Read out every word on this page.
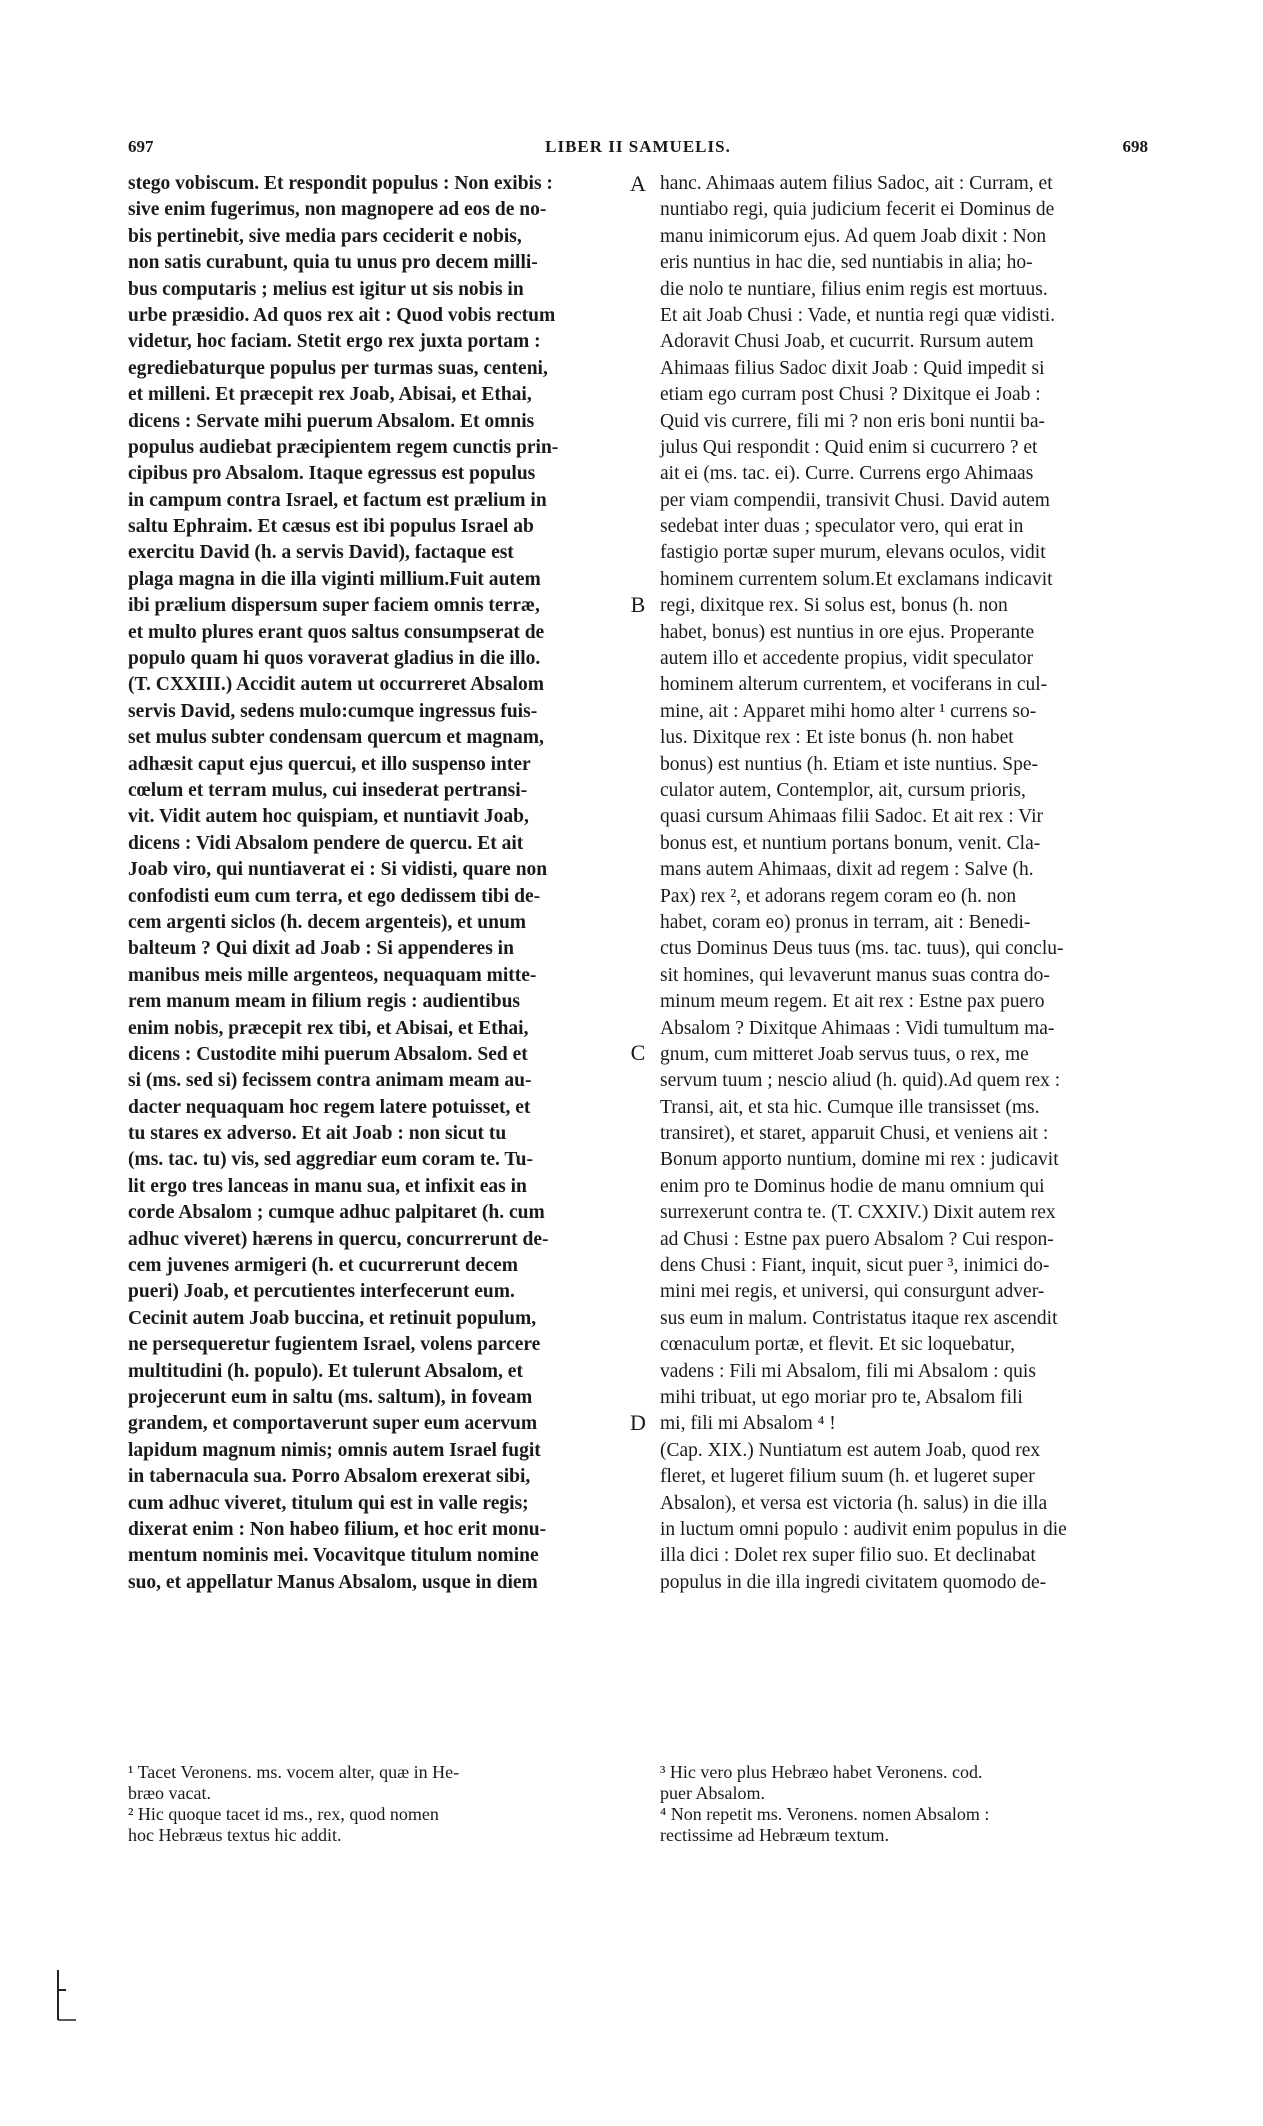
697	LIBER II SAMUELIS.	698
stego vobiscum. Et respondit populus : Non exibis :
sive enim fugerimus, non magnopere ad eos de no-
bis pertinebit, sive media pars ceciderit e nobis,
non satis curabunt, quia tu unus pro decem milli-
bus computaris ; melius est igitur ut sis nobis in
urbe præsidio. Ad quos rex ait : Quod vobis rectum
videtur, hoc faciam. Stetit ergo rex juxta portam :
egrediebaturque populus per turmas suas, centeni,
et milleni. Et præcepit rex Joab, Abisai, et Ethai,
dicens : Servate mihi puerum Absalom. Et omnis
populus audiebat præcipientem regem cunctis prin-
cipibus pro Absalom. Itaque egressus est populus
in campum contra Israel, et factum est prælium in
saltu Ephraim. Et cæsus est ibi populus Israel ab
exercitu David (h. a servis David), factaque est
plaga magna in die illa viginti millium.Fuit autem
ibi prælium dispersum super faciem omnis terræ,
et multo plures erant quos saltus consumpserat de
populo quam hi quos voraverat gladius in die illo.
(T. CXXIII.) Accidit autem ut occurreret Absalom
servis David, sedens mulo:cumque ingressus fuis-
set mulus subter condensam quercum et magnam,
adhæsit caput ejus quercui, et illo suspenso inter
cœlum et terram mulus, cui insederat pertransi-
vit. Vidit autem hoc quispiam, et nuntiavit Joab,
dicens : Vidi Absalom pendere de quercu. Et ait
Joab viro, qui nuntiaverat ei : Si vidisti, quare non
confodisti eum cum terra, et ego dedissem tibi de-
cem argenti siclos (h. decem argenteis), et unum
balteum ? Qui dixit ad Joab : Si appenderes in
manibus meis mille argenteos, nequaquam mitte-
rem manum meam in filium regis : audientibus
enim nobis, præcepit rex tibi, et Abisai, et Ethai,
dicens : Custodite mihi puerum Absalom. Sed et
si (ms. sed si) fecissem contra animam meam au-
dacter nequaquam hoc regem latere potuisset, et
tu stares ex adverso. Et ait Joab : non sicut tu
(ms. tac. tu) vis, sed aggrediar eum coram te. Tu-
lit ergo tres lanceas in manu sua, et infixit eas in
corde Absalom ; cumque adhuc palpitaret (h. cum
adhuc viveret) hærens in quercu, concurrerunt de-
cem juvenes armigeri (h. et cucurrerunt decem
pueri) Joab, et percutientes interfecerunt eum.
Cecinit autem Joab buccina, et retinuit populum,
ne persequeretur fugientem Israel, volens parcere
multitudini (h. populo). Et tulerunt Absalom, et
projecerunt eum in saltu (ms. saltum), in foveam
grandem, et comportaverunt super eum acervum
lapidum magnum nimis; omnis autem Israel fugit
in tabernacula sua. Porro Absalom erexerat sibi,
cum adhuc viveret, titulum qui est in valle regis;
dixerat enim : Non habeo filium, et hoc erit monu-
mentum nominis mei. Vocavitque titulum nomine
suo, et appellatur Manus Absalom, usque in diem
hanc. Ahimaas autem filius Sadoc, ait : Curram, et
nuntiabo regi, quia judicium fecerit ei Dominus de
manu inimicorum ejus. Ad quem Joab dixit : Non
eris nuntius in hac die, sed nuntiabis in alia; ho-
die nolo te nuntiare, filius enim regis est mortuus.
Et ait Joab Chusi : Vade, et nuntia regi quæ vidisti.
Adoravit Chusi Joab, et cucurrit. Rursum autem
Ahimaas filius Sadoc dixit Joab : Quid impedit si
etiam ego curram post Chusi ? Dixitque ei Joab :
Quid vis currere, fili mi ? non eris boni nuntii ba-
julus Qui respondit : Quid enim si cucurrero ? et
ait ei (ms. tac. ei). Curre. Currens ergo Ahimaas
per viam compendii, transivit Chusi. David autem
sedebat inter duas ; speculator vero, qui erat in
fastigio portæ super murum, elevans oculos, vidit
hominem currentem solum.Et exclamans indicavit
regi, dixitque rex. Si solus est, bonus (h. non
habet, bonus) est nuntius in ore ejus. Properante
autem illo et accedente propius, vidit speculator
hominem alterum currentem, et vociferans in cul-
mine, ait : Apparet mihi homo alter ¹ currens so-
lus. Dixitque rex : Et iste bonus (h. non habet
bonus) est nuntius (h. Etiam et iste nuntius. Spe-
culator autem, Contemplor, ait, cursum prioris,
quasi cursum Ahimaas filii Sadoc. Et ait rex : Vir
bonus est, et nuntium portans bonum, venit. Cla-
mans autem Ahimaas, dixit ad regem : Salve (h.
Pax) rex ², et adorans regem coram eo (h. non
habet, coram eo) pronus in terram, ait : Benedi-
ctus Dominus Deus tuus (ms. tac. tuus), qui conclu-
sit homines, qui levaverunt manus suas contra do-
minum meum regem. Et ait rex : Estne pax puero
Absalom ? Dixitque Ahimaas : Vidi tumultum ma-
gnum, cum mitteret Joab servus tuus, o rex, me
servum tuum ; nescio aliud (h. quid).Ad quem rex :
Transi, ait, et sta hic. Cumque ille transisset (ms.
transiret), et staret, apparuit Chusi, et veniens ait :
Bonum apporto nuntium, domine mi rex : judicavit
enim pro te Dominus hodie de manu omnium qui
surrexerunt contra te. (T. CXXIV.) Dixit autem rex
ad Chusi : Estne pax puero Absalom ? Cui respon-
dens Chusi : Fiant, inquit, sicut puer ³, inimici do-
mini mei regis, et universi, qui consurgunt adver-
sus eum in malum. Contristatus itaque rex ascendit
cœnaculum portæ, et flevit. Et sic loquebatur,
vadens : Fili mi Absalom, fili mi Absalom : quis
mihi tribuat, ut ego moriar pro te, Absalom fili
mi, fili mi Absalom ⁴ !
(Cap. XIX.) Nuntiatum est autem Joab, quod rex
fleret, et lugeret filium suum (h. et lugeret super
Absalon), et versa est victoria (h. salus) in die illa
in luctum omni populo : audivit enim populus in die
illa dici : Dolet rex super filio suo. Et declinabat
populus in die illa ingredi civitatem quomodo de-
A
B
C
D
¹ Tacet Veronens. ms. vocem alter, quæ in He-
bræo vacat.
² Hic quoque tacet id ms., rex, quod nomen
hoc Hebræus textus hic addit.
³ Hic vero plus Hebræo habet Veronens. cod.
puer Absalom.
⁴ Non repetit ms. Veronens. nomen Absalom :
rectissime ad Hebræum textum.
